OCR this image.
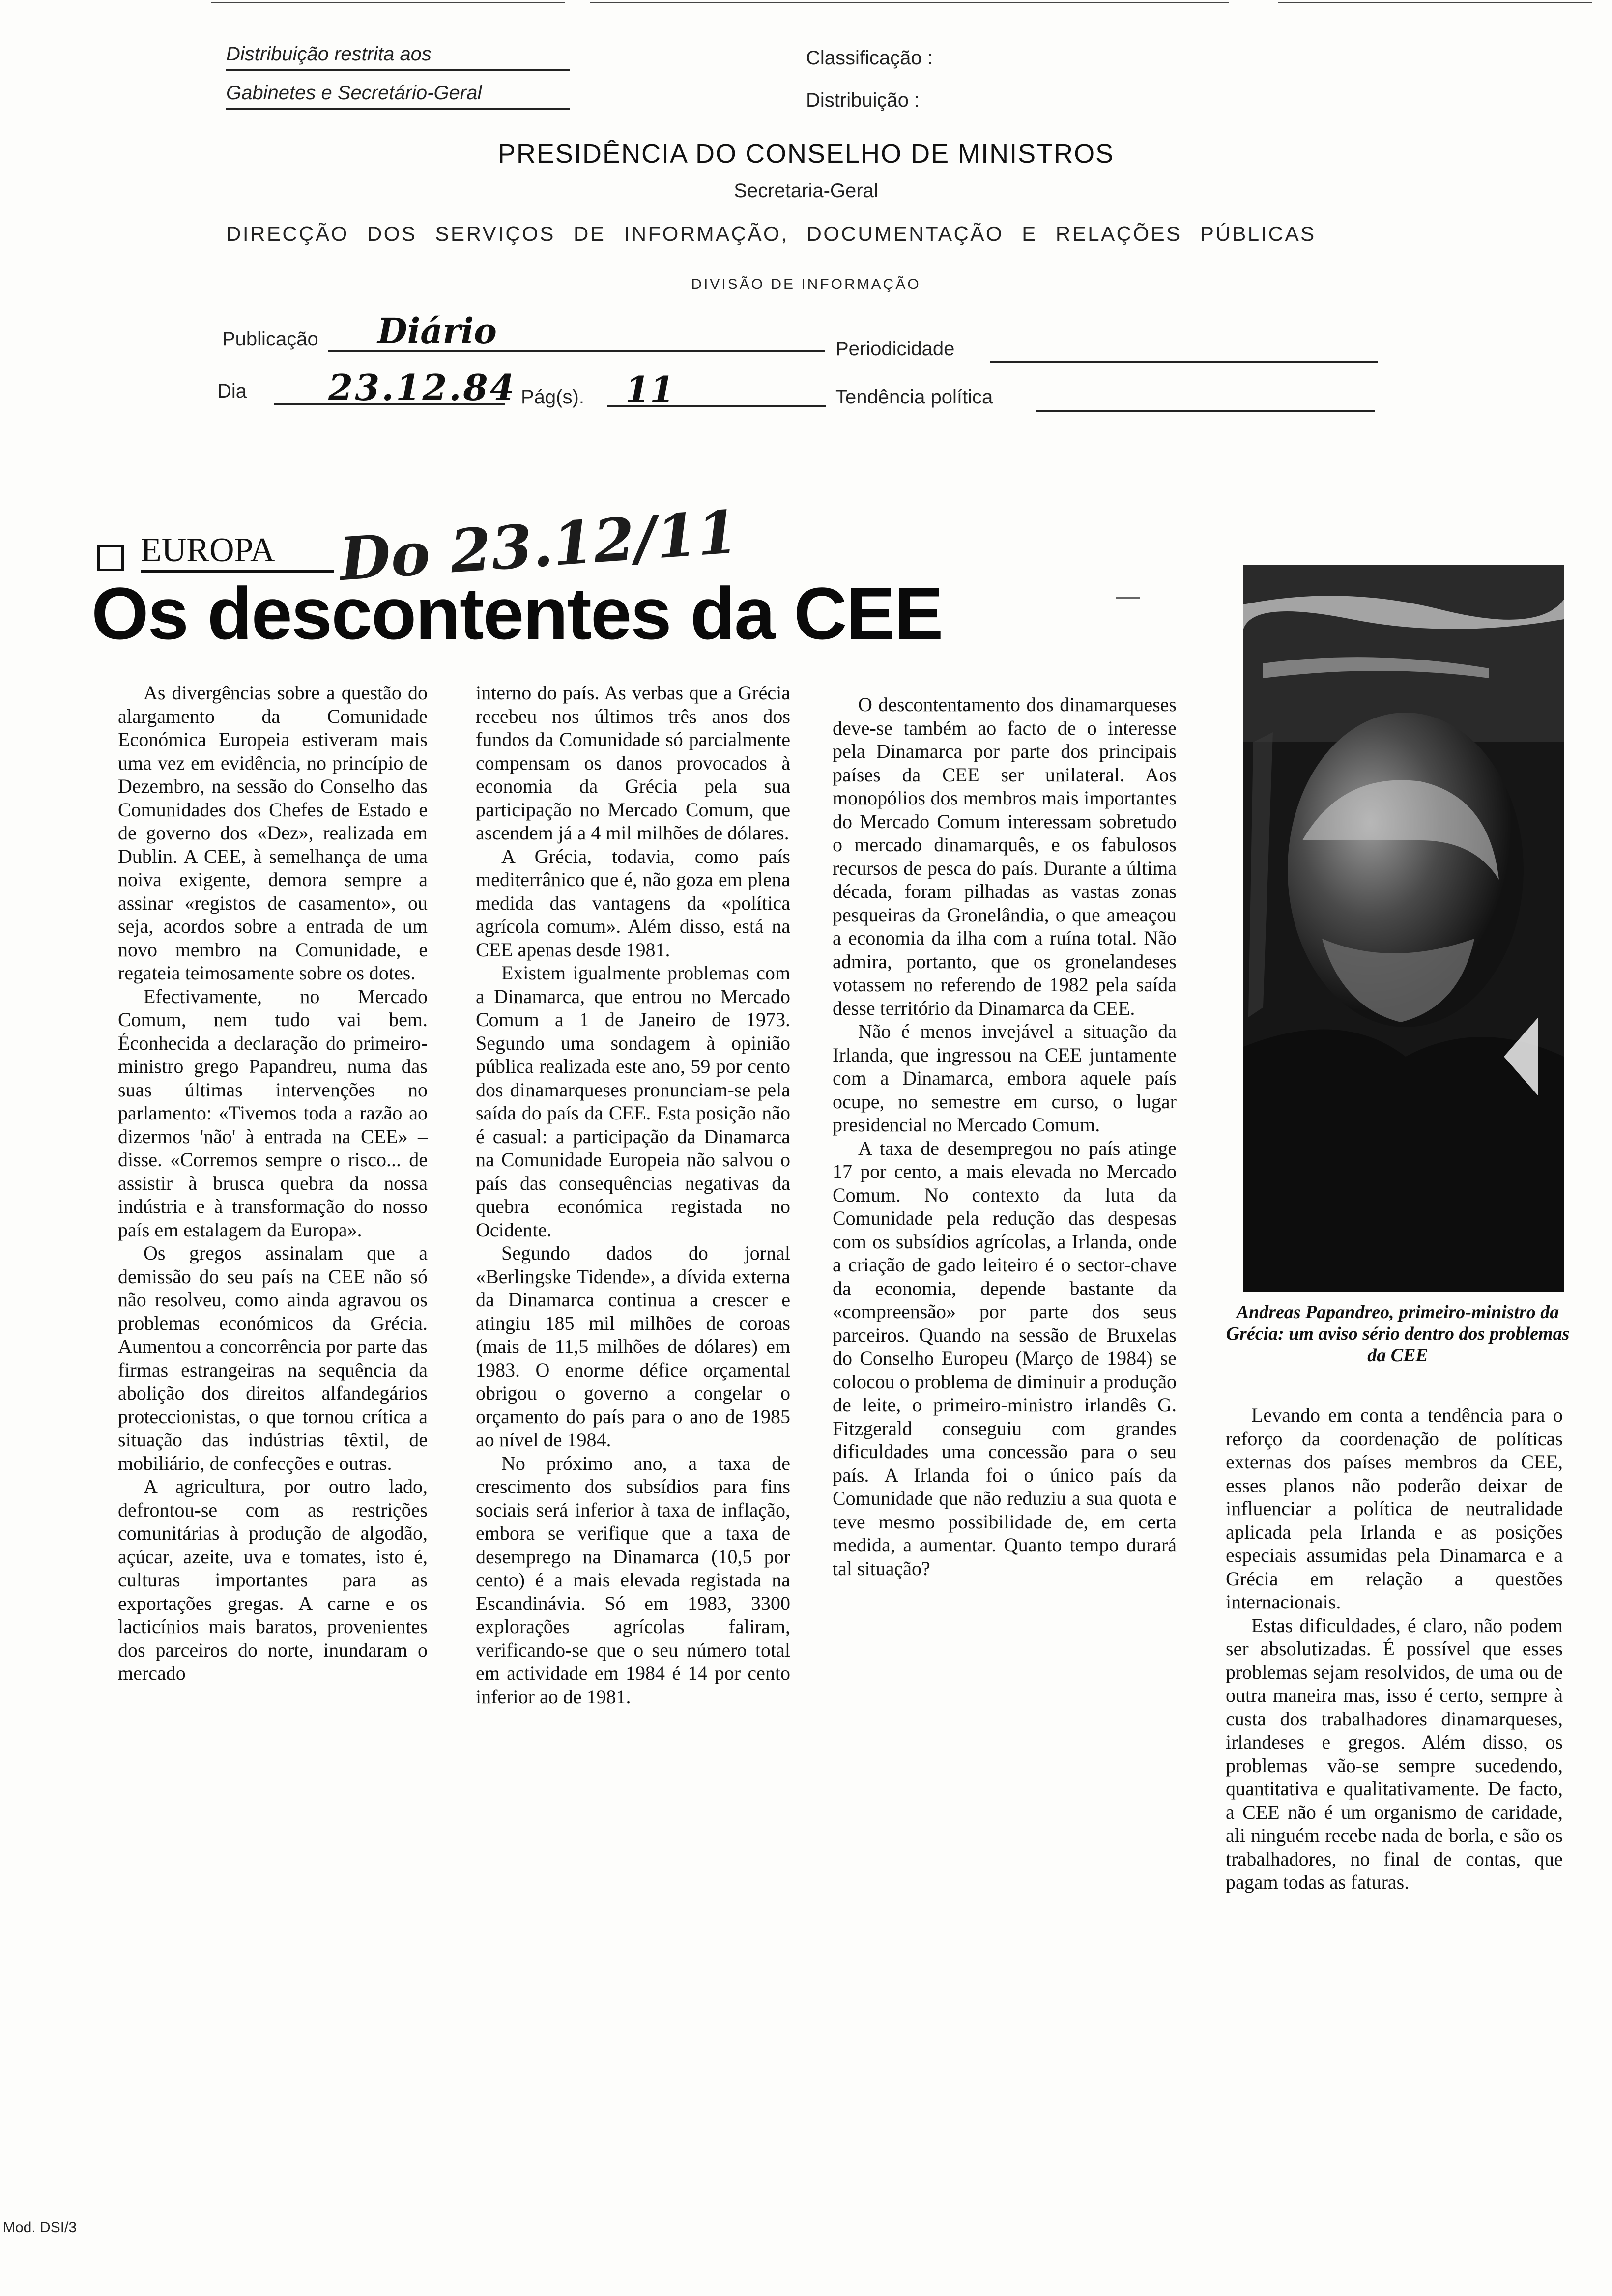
Distribuição restrita aos
Gabinetes e Secretário-Geral
Classificação :
Distribuição :
PRESIDÊNCIA DO CONSELHO DE MINISTROS
Secretaria-Geral
DIRECÇÃO DOS SERVIÇOS DE INFORMAÇÃO, DOCUMENTAÇÃO E RELAÇÕES PÚBLICAS
DIVISÃO DE INFORMAÇÃO
Publicação Diário	Periodicidade
Dia 23.12.84 Pág(s). 11	Tendência política
EUROPA
Os descontentes da CEE
Do 23.12/11

As divergências sobre a questão do alargamento da Comunidade Económica Europeia estiveram mais uma vez em evidência, no princípio de Dezembro, na sessão do Conselho das Comunidades dos Chefes de Estado e de governo dos «Dez», realizada em Dublin. A CEE, à semelhança de uma noiva exigente, demora sempre a assinar «registos de casamento», ou seja, acordos sobre a entrada de um novo membro na Comunidade, e regateia teimosamente sobre os dotes.

Efectivamente, no Mercado Comum, nem tudo vai bem. Éconhecida a declaração do primeiro-ministro grego Papandreu, numa das suas últimas intervenções no parlamento: «Tivemos toda a razão ao dizermos 'não' à entrada na CEE» – disse. «Corremos sempre o risco... de assistir à brusca quebra da nossa indústria e à transformação do nosso país em estalagem da Europa».

Os gregos assinalam que a demissão do seu país na CEE não só não resolveu, como ainda agravou os problemas económicos da Grécia. Aumentou a concorrência por parte das firmas estrangeiras na sequência da abolição dos direitos alfandegários proteccionistas, o que tornou crítica a situação das indústrias têxtil, de mobiliário, de confecções e outras.

A agricultura, por outro lado, defrontou-se com as restrições comunitárias à produção de algodão, açúcar, azeite, uva e tomates, isto é, culturas importantes para as exportações gregas. A carne e os lacticínios mais baratos, provenientes dos parceiros do norte, inundaram o mercado

interno do país. As verbas que a Grécia recebeu nos últimos três anos dos fundos da Comunidade só parcialmente compensam os danos provocados à economia da Grécia pela sua participação no Mercado Comum, que ascendem já a 4 mil milhões de dólares.

A Grécia, todavia, como país mediterrânico que é, não goza em plena medida das vantagens da «política agrícola comum». Além disso, está na CEE apenas desde 1981.

Existem igualmente problemas com a Dinamarca, que entrou no Mercado Comum a 1 de Janeiro de 1973. Segundo uma sondagem à opinião pública realizada este ano, 59 por cento dos dinamarqueses pronunciam-se pela saída do país da CEE. Esta posição não é casual: a participação da Dinamarca na Comunidade Europeia não salvou o país das consequências negativas da quebra económica registada no Ocidente.

Segundo dados do jornal «Berlingske Tidende», a dívida externa da Dinamarca continua a crescer e atingiu 185 mil milhões de coroas (mais de 11,5 milhões de dólares) em 1983. O enorme défice orçamental obrigou o governo a congelar o orçamento do país para o ano de 1985 ao nível de 1984.

No próximo ano, a taxa de crescimento dos subsídios para fins sociais será inferior à taxa de inflação, embora se verifique que a taxa de desemprego na Dinamarca (10,5 por cento) é a mais elevada registada na Escandinávia. Só em 1983, 3300 explorações agrícolas faliram, verificando-se que o seu número total em actividade em 1984 é 14 por cento inferior ao de 1981.

O descontentamento dos dinamarqueses deve-se também ao facto de o interesse pela Dinamarca por parte dos principais países da CEE ser unilateral. Aos monopólios dos membros mais importantes do Mercado Comum interessam sobretudo o mercado dinamarquês, e os fabulosos recursos de pesca do país. Durante a última década, foram pilhadas as vastas zonas pesqueiras da Gronelândia, o que ameaçou a economia da ilha com a ruína total. Não admira, portanto, que os gronelandeses votassem no referendo de 1982 pela saída desse território da Dinamarca da CEE.

Não é menos invejável a situação da Irlanda, que ingressou na CEE juntamente com a Dinamarca, embora aquele país ocupe, no semestre em curso, o lugar presidencial no Mercado Comum.

A taxa de desempregou no país atinge 17 por cento, a mais elevada no Mercado Comum. No contexto da luta da Comunidade pela redução das despesas com os subsídios agrícolas, a Irlanda, onde a criação de gado leiteiro é o sector-chave da economia, depende bastante da «compreensão» por parte dos seus parceiros. Quando na sessão de Bruxelas do Conselho Europeu (Março de 1984) se colocou o problema de diminuir a produção de leite, o primeiro-ministro irlandês G. Fitzgerald conseguiu com grandes dificuldades uma concessão para o seu país. A Irlanda foi o único país da Comunidade que não reduziu a sua quota e teve mesmo possibilidade de, em certa medida, a aumentar. Quanto tempo durará tal situação?

Andreas Papandreo, primeiro-ministro da Grécia: um aviso sério dentro dos problemas da CEE

Levando em conta a tendência para o reforço da coordenação de políticas externas dos países membros da CEE, esses planos não poderão deixar de influenciar a política de neutralidade aplicada pela Irlanda e as posições especiais assumidas pela Dinamarca e a Grécia em relação a questões internacionais.

Estas dificuldades, é claro, não podem ser absolutizadas. É possível que esses problemas sejam resolvidos, de uma ou de outra maneira mas, isso é certo, sempre à custa dos trabalhadores dinamarqueses, irlandeses e gregos. Além disso, os problemas vão-se sempre sucedendo, quantitativa e qualitativamente. De facto, a CEE não é um organismo de caridade, ali ninguém recebe nada de borla, e são os trabalhadores, no final de contas, que pagam todas as faturas.

Mod. DSI/3
